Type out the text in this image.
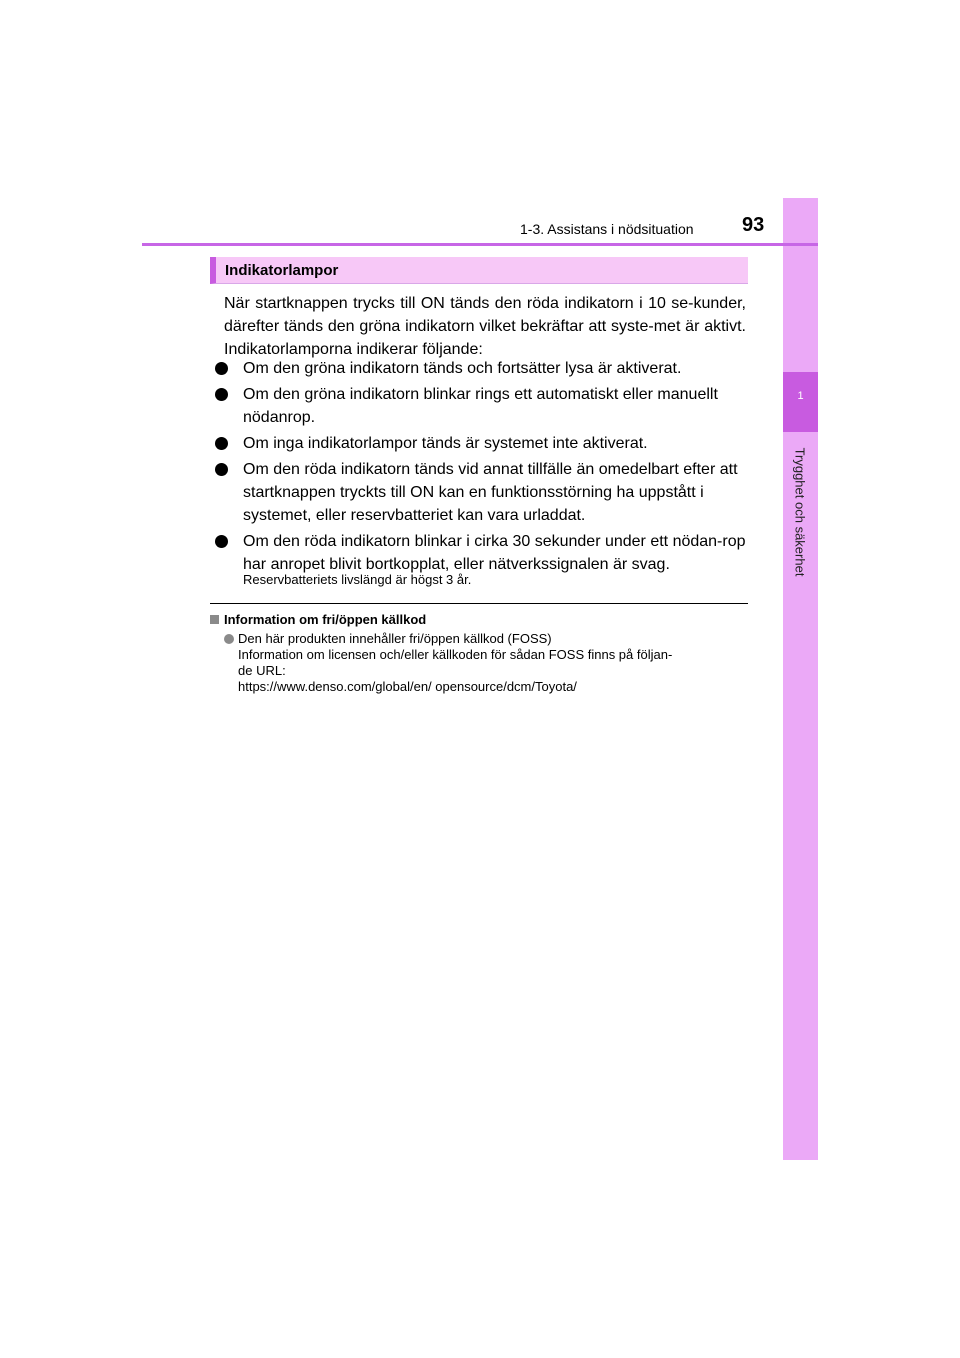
1
Trygghet och säkerhet
1-3. Assistans i nödsituation 93
Indikatorlampor
När startknappen trycks till ON tänds den röda indikatorn i 10 se-kunder, därefter tänds den gröna indikatorn vilket bekräftar att syste-met är aktivt. Indikatorlamporna indikerar följande:
Om den gröna indikatorn tänds och fortsätter lysa är aktiverat.
Om den gröna indikatorn blinkar rings ett automatiskt eller manuellt nödanrop.
Om inga indikatorlampor tänds är systemet inte aktiverat.
Om den röda indikatorn tänds vid annat tillfälle än omedelbart efter att startknappen tryckts till ON kan en funktionsstörning ha uppstått i systemet, eller reservbatteriet kan vara urladdat.
Om den röda indikatorn blinkar i cirka 30 sekunder under ett nödan-rop har anropet blivit bortkopplat, eller nätverkssignalen är svag.
Reservbatteriets livslängd är högst 3 år.
Information om fri/öppen källkod
Den här produkten innehåller fri/öppen källkod (FOSS)
Information om licensen och/eller källkoden för sådan FOSS finns på följan-
de URL:
https://www.denso.com/global/en/ opensource/dcm/Toyota/
